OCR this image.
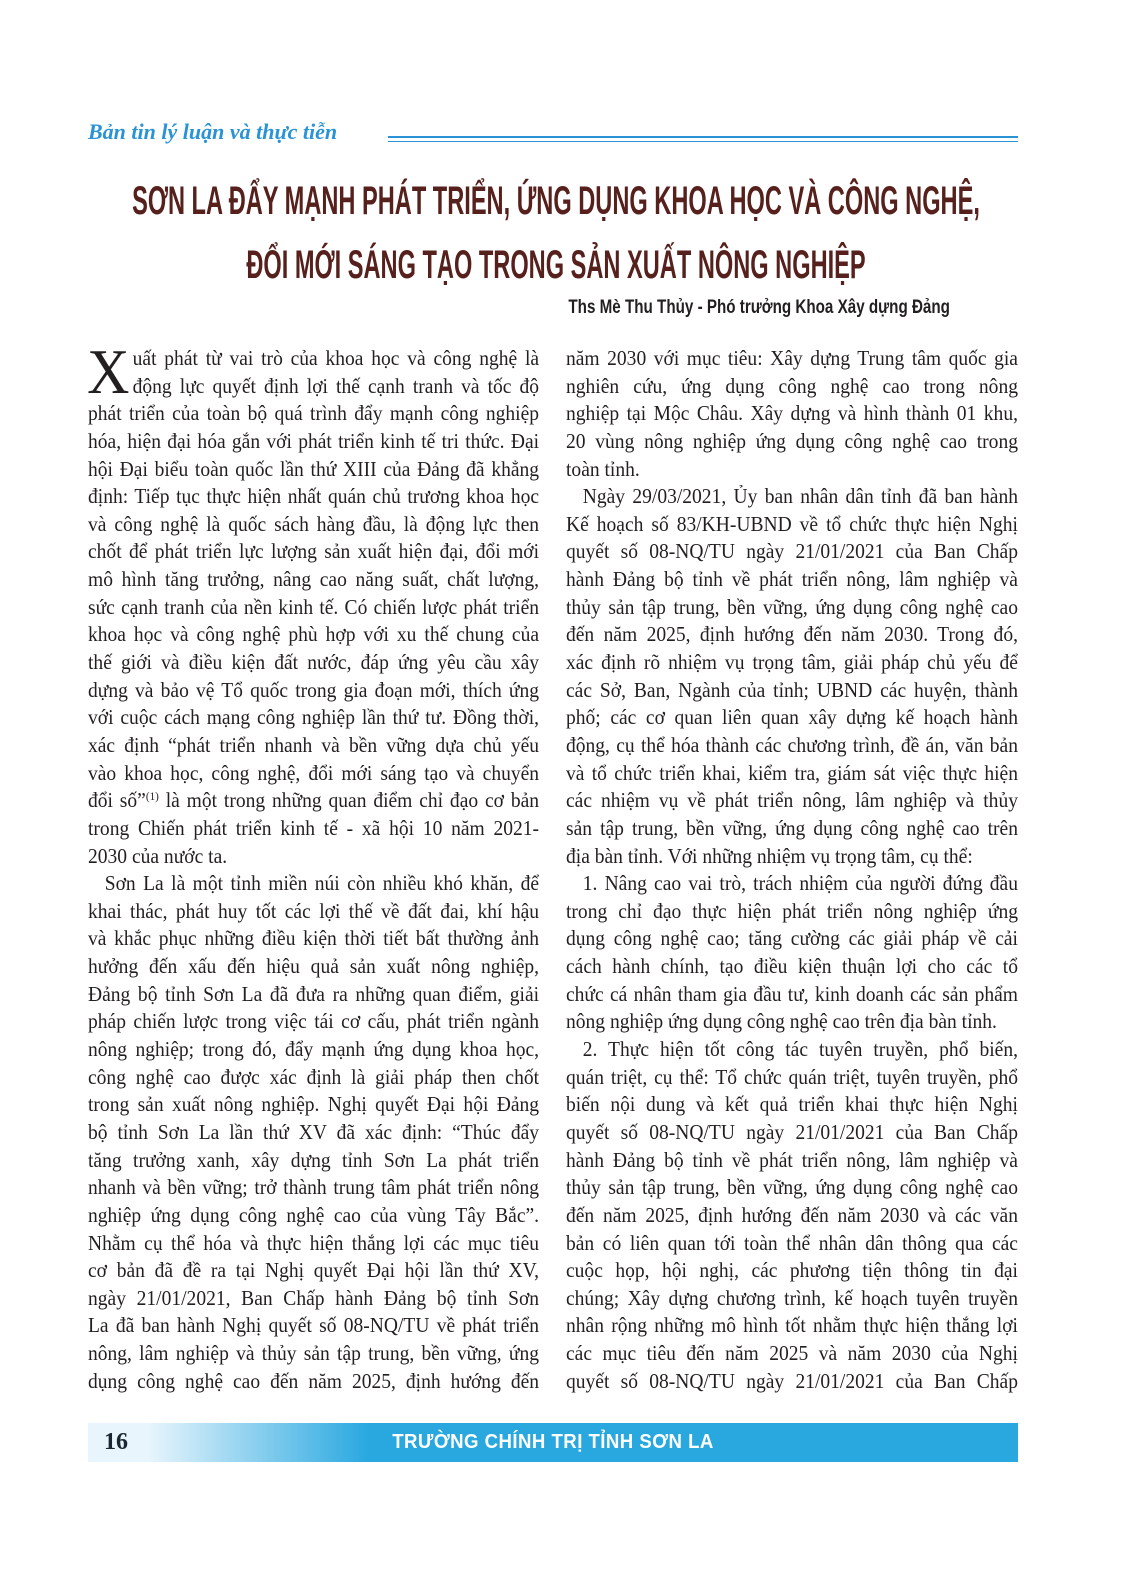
Bản tin lý luận và thực tiễn
SƠN LA ĐẨY MẠNH PHÁT TRIỂN, ỨNG DỤNG KHOA HỌC VÀ CÔNG NGHỆ,
ĐỔI MỚI SÁNG TẠO TRONG SẢN XUẤT NÔNG NGHIỆP
Ths Mè Thu Thủy - Phó trưởng Khoa Xây dựng Đảng
X uất phát từ vai trò của khoa học và công nghệ là
động lực quyết định lợi thế cạnh tranh và tốc độ
phát triển của toàn bộ quá trình đẩy mạnh công nghiệp
hóa, hiện đại hóa gắn với phát triển kinh tế tri thức. Đại
hội Đại biểu toàn quốc lần thứ XIII của Đảng đã khẳng
định: Tiếp tục thực hiện nhất quán chủ trương khoa học
và công nghệ là quốc sách hàng đầu, là động lực then
chốt để phát triển lực lượng sản xuất hiện đại, đổi mới
mô hình tăng trưởng, nâng cao năng suất, chất lượng,
sức cạnh tranh của nền kinh tế. Có chiến lược phát triển
khoa học và công nghệ phù hợp với xu thế chung của
thế giới và điều kiện đất nước, đáp ứng yêu cầu xây
dựng và bảo vệ Tổ quốc trong gia đoạn mới, thích ứng
với cuộc cách mạng công nghiệp lần thứ tư. Đồng thời,
xác định “phát triển nhanh và bền vững dựa chủ yếu
vào khoa học, công nghệ, đổi mới sáng tạo và chuyển
đổi số”$^{(1)}$ là một trong những quan điểm chỉ đạo cơ bản
trong Chiến phát triển kinh tế - xã hội 10 năm 2021-
2030 của nước ta.
Sơn La là một tỉnh miền núi còn nhiều khó khăn, để
khai thác, phát huy tốt các lợi thế về đất đai, khí hậu
và khắc phục những điều kiện thời tiết bất thường ảnh
hưởng đến xấu đến hiệu quả sản xuất nông nghiệp,
Đảng bộ tỉnh Sơn La đã đưa ra những quan điểm, giải
pháp chiến lược trong việc tái cơ cấu, phát triển ngành
nông nghiệp; trong đó, đẩy mạnh ứng dụng khoa học,
công nghệ cao được xác định là giải pháp then chốt
trong sản xuất nông nghiệp. Nghị quyết Đại hội Đảng
bộ tỉnh Sơn La lần thứ XV đã xác định: “Thúc đẩy
tăng trưởng xanh, xây dựng tỉnh Sơn La phát triển
nhanh và bền vững; trở thành trung tâm phát triển nông
nghiệp ứng dụng công nghệ cao của vùng Tây Bắc”.
Nhằm cụ thể hóa và thực hiện thắng lợi các mục tiêu
cơ bản đã đề ra tại Nghị quyết Đại hội lần thứ XV,
ngày 21/01/2021, Ban Chấp hành Đảng bộ tỉnh Sơn
La đã ban hành Nghị quyết số 08-NQ/TU về phát triển
nông, lâm nghiệp và thủy sản tập trung, bền vững, ứng
dụng công nghệ cao đến năm 2025, định hướng đến
năm 2030 với mục tiêu: Xây dựng Trung tâm quốc gia
nghiên cứu, ứng dụng công nghệ cao trong nông
nghiệp tại Mộc Châu. Xây dựng và hình thành 01 khu,
20 vùng nông nghiệp ứng dụng công nghệ cao trong
toàn tỉnh.
Ngày 29/03/2021, Ủy ban nhân dân tỉnh đã ban hành
Kế hoạch số 83/KH-UBND về tổ chức thực hiện Nghị
quyết số 08-NQ/TU ngày 21/01/2021 của Ban Chấp
hành Đảng bộ tỉnh về phát triển nông, lâm nghiệp và
thủy sản tập trung, bền vững, ứng dụng công nghệ cao
đến năm 2025, định hướng đến năm 2030. Trong đó,
xác định rõ nhiệm vụ trọng tâm, giải pháp chủ yếu để
các Sở, Ban, Ngành của tỉnh; UBND các huyện, thành
phố; các cơ quan liên quan xây dựng kế hoạch hành
động, cụ thể hóa thành các chương trình, đề án, văn bản
và tổ chức triển khai, kiểm tra, giám sát việc thực hiện
các nhiệm vụ về phát triển nông, lâm nghiệp và thủy
sản tập trung, bền vững, ứng dụng công nghệ cao trên
địa bàn tỉnh. Với những nhiệm vụ trọng tâm, cụ thể:
1. Nâng cao vai trò, trách nhiệm của người đứng đầu
trong chỉ đạo thực hiện phát triển nông nghiệp ứng
dụng công nghệ cao; tăng cường các giải pháp về cải
cách hành chính, tạo điều kiện thuận lợi cho các tổ
chức cá nhân tham gia đầu tư, kinh doanh các sản phẩm
nông nghiệp ứng dụng công nghệ cao trên địa bàn tỉnh.
2. Thực hiện tốt công tác tuyên truyền, phổ biến,
quán triệt, cụ thể: Tổ chức quán triệt, tuyên truyền, phổ
biến nội dung và kết quả triển khai thực hiện Nghị
quyết số 08-NQ/TU ngày 21/01/2021 của Ban Chấp
hành Đảng bộ tỉnh về phát triển nông, lâm nghiệp và
thủy sản tập trung, bền vững, ứng dụng công nghệ cao
đến năm 2025, định hướng đến năm 2030 và các văn
bản có liên quan tới toàn thể nhân dân thông qua các
cuộc họp, hội nghị, các phương tiện thông tin đại
chúng; Xây dựng chương trình, kế hoạch tuyên truyền
nhân rộng những mô hình tốt nhằm thực hiện thắng lợi
các mục tiêu đến năm 2025 và năm 2030 của Nghị
quyết số 08-NQ/TU ngày 21/01/2021 của Ban Chấp
16	TRƯỜNG CHÍNH TRỊ TỈNH SƠN LA
